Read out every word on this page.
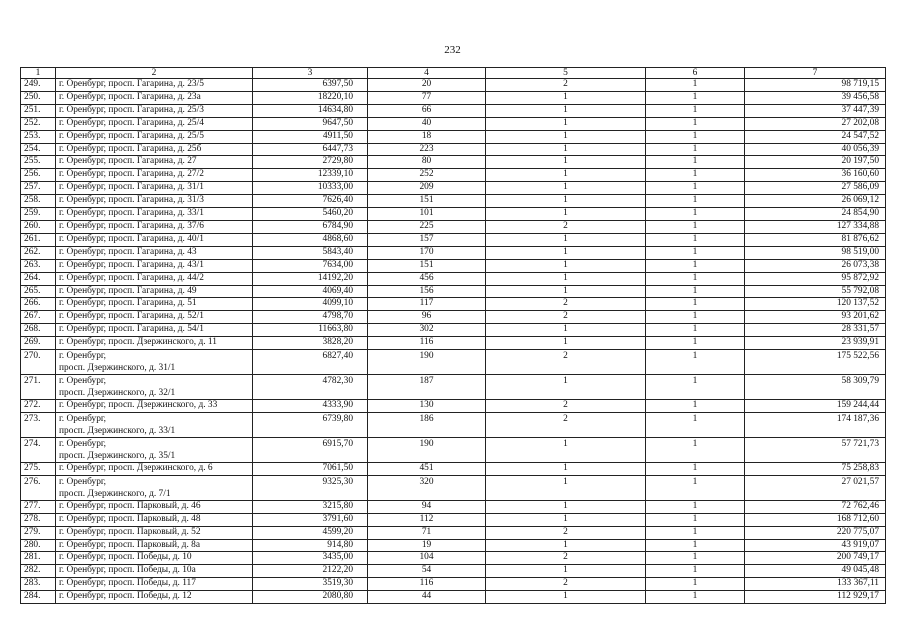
232
1	2	3	4	5	6	7
249.	г. Оренбург, просп. Гагарина, д. 23/5	6397,50	20	2	1	98 719,15
250.	г. Оренбург, просп. Гагарина, д. 23а	18220,10	77	1	1	39 456,58
251.	г. Оренбург, просп. Гагарина, д. 25/3	14634,80	66	1	1	37 447,39
252.	г. Оренбург, просп. Гагарина, д. 25/4	9647,50	40	1	1	27 202,08
253.	г. Оренбург, просп. Гагарина, д. 25/5	4911,50	18	1	1	24 547,52
254.	г. Оренбург, просп. Гагарина, д. 25б	6447,73	223	1	1	40 056,39
255.	г. Оренбург, просп. Гагарина, д. 27	2729,80	80	1	1	20 197,50
256.	г. Оренбург, просп. Гагарина, д. 27/2	12339,10	252	1	1	36 160,60
257.	г. Оренбург, просп. Гагарина, д. 31/1	10333,00	209	1	1	27 586,09
258.	г. Оренбург, просп. Гагарина, д. 31/3	7626,40	151	1	1	26 069,12
259.	г. Оренбург, просп. Гагарина, д. 33/1	5460,20	101	1	1	24 854,90
260.	г. Оренбург, просп. Гагарина, д. 37/6	6784,90	225	2	1	127 334,88
261.	г. Оренбург, просп. Гагарина, д. 40/1	4868,60	157	1	1	81 876,62
262.	г. Оренбург, просп. Гагарина, д. 43	5843,40	170	1	1	98 519,00
263.	г. Оренбург, просп. Гагарина, д. 43/1	7634,00	151	1	1	26 073,38
264.	г. Оренбург, просп. Гагарина, д. 44/2	14192,20	456	1	1	95 872,92
265.	г. Оренбург, просп. Гагарина, д. 49	4069,40	156	1	1	55 792,08
266.	г. Оренбург, просп. Гагарина, д. 51	4099,10	117	2	1	120 137,52
267.	г. Оренбург, просп. Гагарина, д. 52/1	4798,70	96	2	1	93 201,62
268.	г. Оренбург, просп. Гагарина, д. 54/1	11663,80	302	1	1	28 331,57
269.	г. Оренбург, просп. Дзержинского, д. 11	3828,20	116	1	1	23 939,91
270.	г. Оренбург,
просп. Дзержинского, д. 31/1	6827,40	190	2	1	175 522,56
271.	г. Оренбург,
просп. Дзержинского, д. 32/1	4782,30	187	1	1	58 309,79
272.	г. Оренбург, просп. Дзержинского, д. 33	4333,90	130	2	1	159 244,44
273.	г. Оренбург,
просп. Дзержинского, д. 33/1	6739,80	186	2	1	174 187,36
274.	г. Оренбург,
просп. Дзержинского, д. 35/1	6915,70	190	1	1	57 721,73
275.	г. Оренбург, просп. Дзержинского, д. 6	7061,50	451	1	1	75 258,83
276.	г. Оренбург,
просп. Дзержинского, д. 7/1	9325,30	320	1	1	27 021,57
277.	г. Оренбург, просп. Парковый, д. 46	3215,80	94	1	1	72 762,46
278.	г. Оренбург, просп. Парковый, д. 48	3791,60	112	1	1	168 712,60
279.	г. Оренбург, просп. Парковый, д. 52	4599,20	71	2	1	220 775,07
280.	г. Оренбург, просп. Парковый, д. 8а	914,80	19	1	1	43 919,07
281.	г. Оренбург, просп. Победы, д. 10	3435,00	104	2	1	200 749,17
282.	г. Оренбург, просп. Победы, д. 10а	2122,20	54	1	1	49 045,48
283.	г. Оренбург, просп. Победы, д. 117	3519,30	116	2	1	133 367,11
284.	г. Оренбург, просп. Победы, д. 12	2080,80	44	1	1	112 929,17
